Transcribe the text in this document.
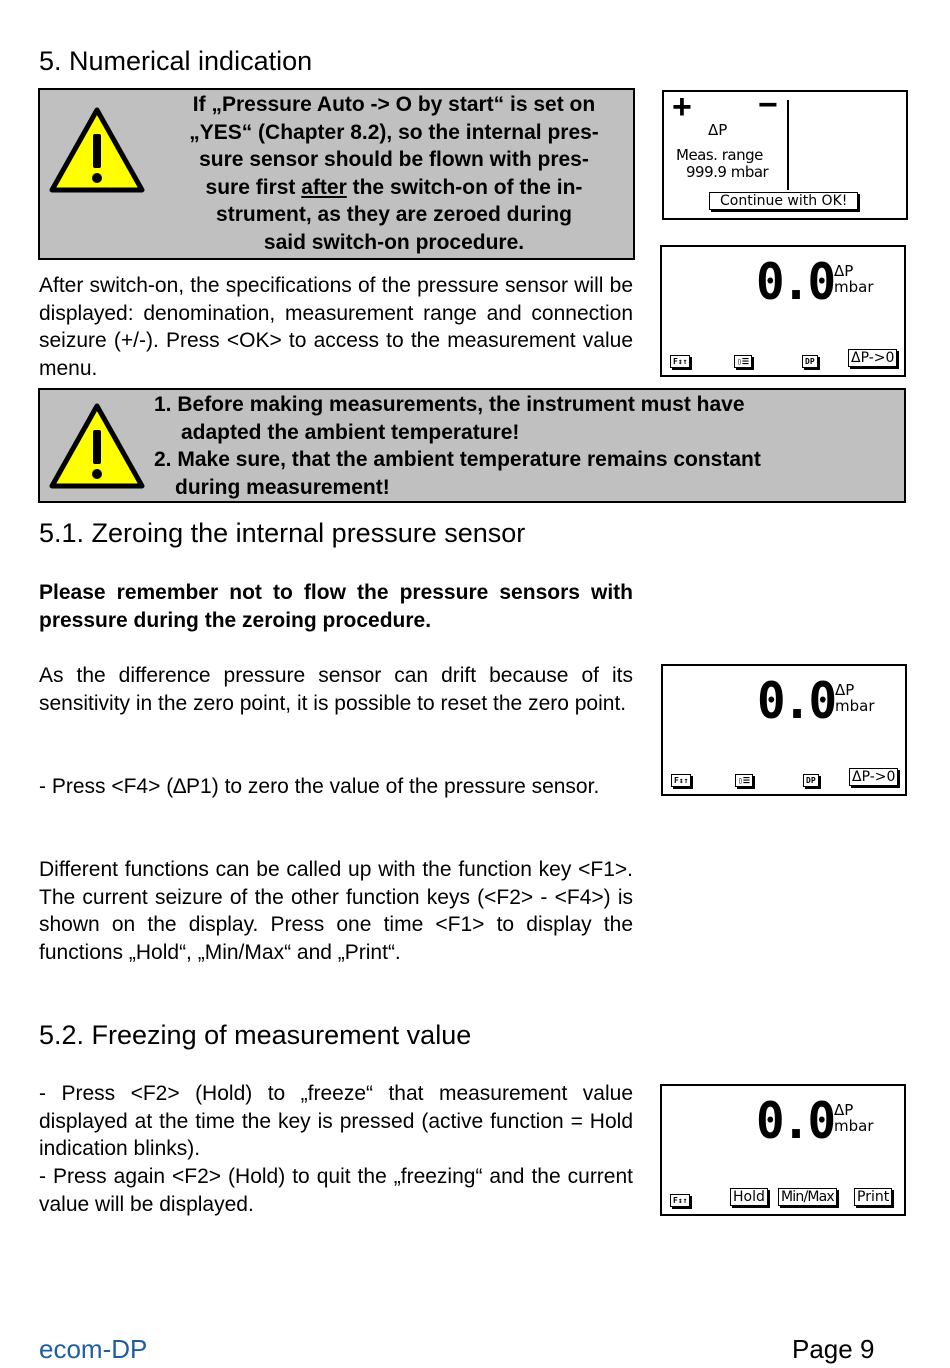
5. Numerical indication
If „Pressure Auto -> O by start“ is set on
„YES“ (Chapter 8.2), so the internal pres-
sure sensor should be flown with pres-
sure first after the switch-on of the in-
strument, as they are zeroed during
said switch-on procedure.
+ −
ΔP
Meas. range
999.9 mbar
Continue with OK!

After switch-on, the specifications of the pressure sensor will be displayed: denomination, measurement range and connection seizure (+/-). Press <OK> to access to the measurement value menu.

0.0 ΔP
mbar
F↕↑	▯☰	DP	ΔP->0
1. Before making measurements, the instrument must have
adapted the ambient temperature!
2. Make sure, that the ambient temperature remains constant
during measurement!
5.1. Zeroing the internal pressure sensor

Please remember not to flow the pressure sensors with pressure during the zeroing procedure.

As the difference pressure sensor can drift because of its sensitivity in the zero point, it is possible to reset the zero point.

- Press <F4> (∆P1) to zero the value of the pressure sensor.

Different functions can be called up with the function key <F1>. The current seizure of the other function keys (<F2> - <F4>) is shown on the display. Press one time <F1> to display the functions „Hold“, „Min/Max“ and „Print“.

0.0 ΔP
mbar
F↕↑	▯☰	DP	ΔP->0
5.2. Freezing of measurement value

- Press <F2> (Hold) to „freeze“ that measurement value displayed at the time the key is pressed (active function = Hold indication blinks).

- Press again <F2> (Hold) to quit the „freezing“ and the current value will be displayed.

0.0 ΔP
mbar
F↕↑	Hold Min/Max Print
ecom-DP	Page 9
